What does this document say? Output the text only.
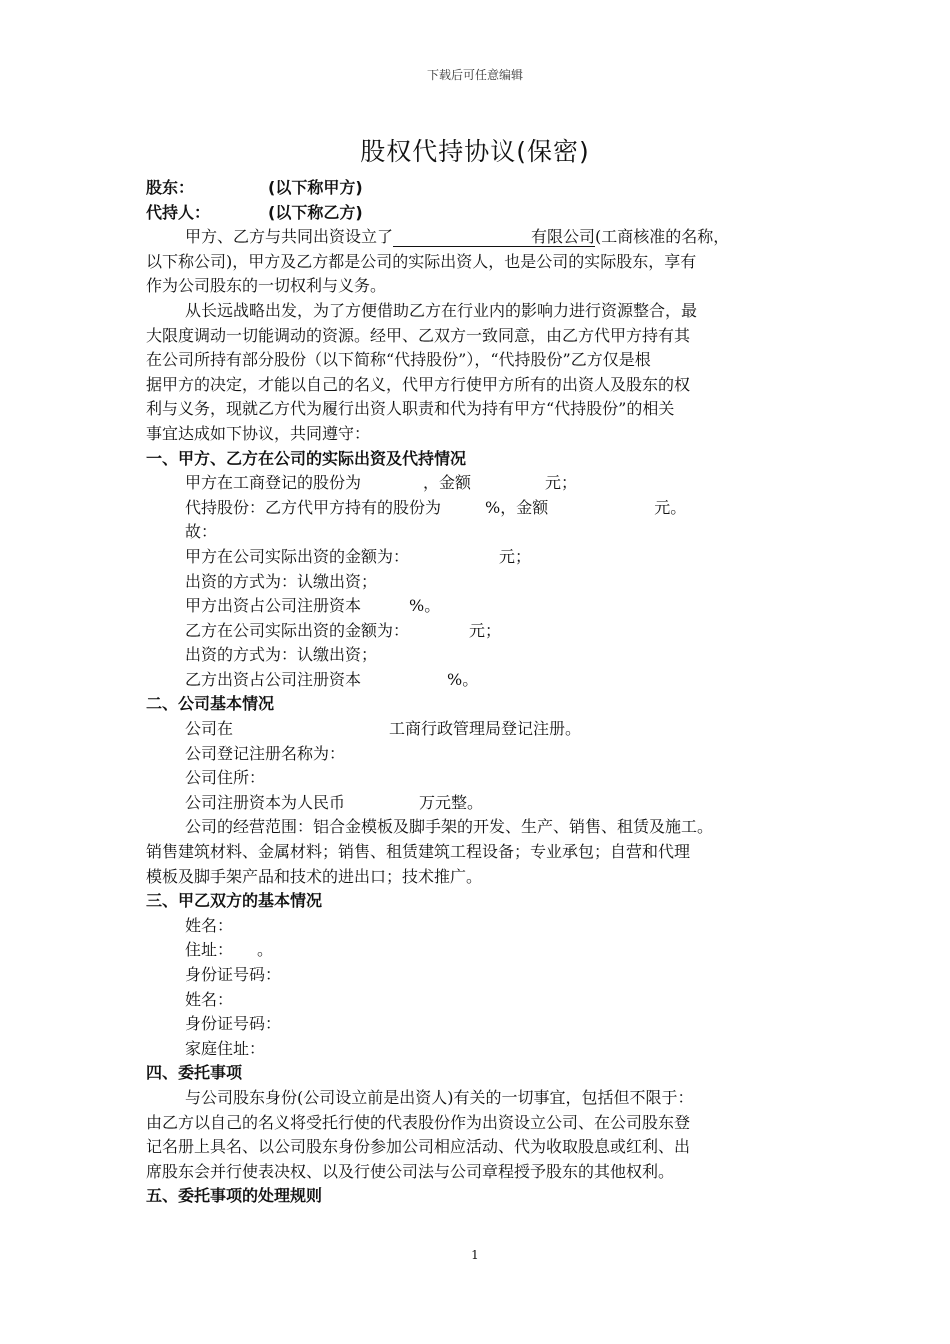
下载后可任意编辑
股权代持协议(保密)
股东：	(以下称甲方)
代持人：	(以下称乙方)
甲方、乙方与共同出资设立了	有限公司(工商核准的名称，
以下称公司)，甲方及乙方都是公司的实际出资人，也是公司的实际股东，享有
作为公司股东的一切权利与义务。
从长远战略出发，为了方便借助乙方在行业内的影响力进行资源整合，最
大限度调动一切能调动的资源。经甲、乙双方一致同意，由乙方代甲方持有其
在公司所持有部分股份（以下简称“代持股份”），“代持股份”乙方仅是根
据甲方的决定，才能以自己的名义，代甲方行使甲方所有的出资人及股东的权
利与义务，现就乙方代为履行出资人职责和代为持有甲方“代持股份”的相关
事宜达成如下协议，共同遵守：
一、甲方、乙方在公司的实际出资及代持情况
甲方在工商登记的股份为	，金额	元；
代持股份：乙方代甲方持有的股份为	%，金额	元。
故：
甲方在公司实际出资的金额为：	元；
出资的方式为：认缴出资；
甲方出资占公司注册资本	%。
乙方在公司实际出资的金额为：	元；
出资的方式为：认缴出资；
乙方出资占公司注册资本	%。
二、公司基本情况
公司在	工商行政管理局登记注册。
公司登记注册名称为：
公司住所：
公司注册资本为人民币	万元整。
公司的经营范围：铝合金模板及脚手架的开发、生产、销售、租赁及施工。
销售建筑材料、金属材料；销售、租赁建筑工程设备；专业承包；自营和代理
模板及脚手架产品和技术的进出口；技术推广。
三、甲乙双方的基本情况
姓名：
住址： 。
身份证号码：
姓名：
身份证号码：
家庭住址：
四、委托事项
与公司股东身份(公司设立前是出资人)有关的一切事宜，包括但不限于：
由乙方以自己的名义将受托行使的代表股份作为出资设立公司、在公司股东登
记名册上具名、以公司股东身份参加公司相应活动、代为收取股息或红利、出
席股东会并行使表决权、以及行使公司法与公司章程授予股东的其他权利。
五、委托事项的处理规则
1
